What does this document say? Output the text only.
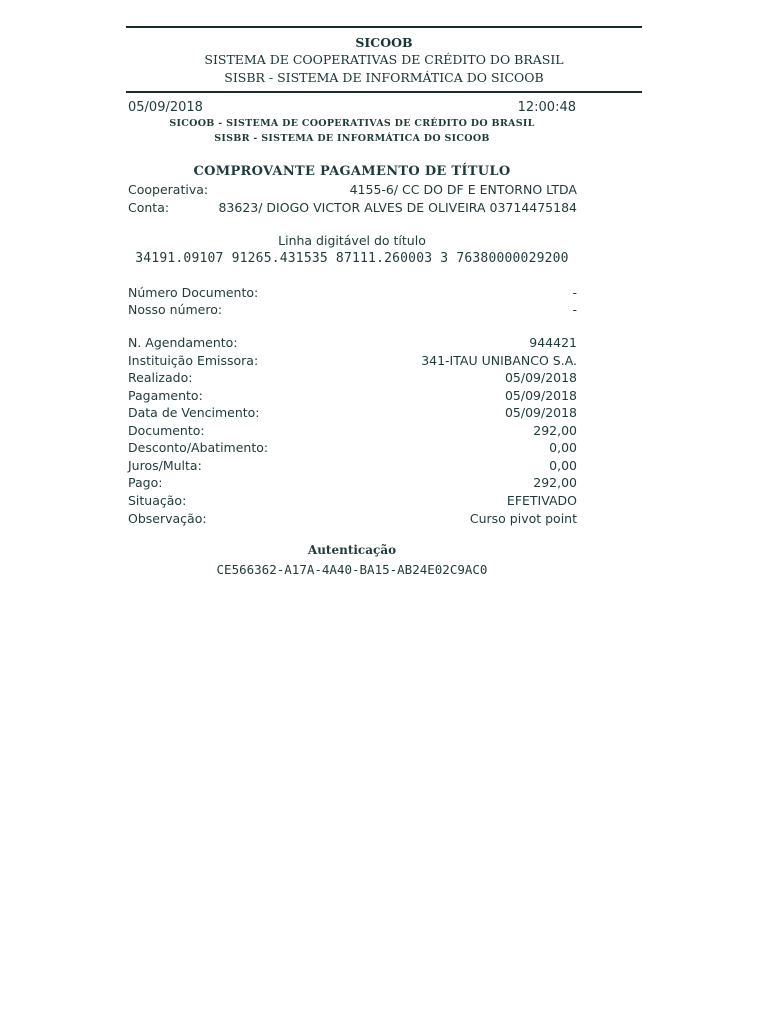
SICOOB
SISTEMA DE COOPERATIVAS DE CRÉDITO DO BRASIL
SISBR - SISTEMA DE INFORMÁTICA DO SICOOB
05/09/2018	12:00:48
SICOOB - SISTEMA DE COOPERATIVAS DE CRÉDITO DO BRASIL
SISBR - SISTEMA DE INFORMÁTICA DO SICOOB
COMPROVANTE PAGAMENTO DE TÍTULO
Cooperativa:	4155-6/ CC DO DF E ENTORNO LTDA
Conta:	83623/ DIOGO VICTOR ALVES DE OLIVEIRA 03714475184
Linha digitável do título
34191.09107 91265.431535 87111.260003 3 76380000029200
Número Documento:	-
Nosso número:	-
N. Agendamento:	944421
Instituição Emissora:	341-ITAU UNIBANCO S.A.
Realizado:	05/09/2018
Pagamento:	05/09/2018
Data de Vencimento:	05/09/2018
Documento:	292,00
Desconto/Abatimento:	0,00
Juros/Multa:	0,00
Pago:	292,00
Situação:	EFETIVADO
Observação:	Curso pivot point
Autenticação
CE566362-A17A-4A40-BA15-AB24E02C9AC0
